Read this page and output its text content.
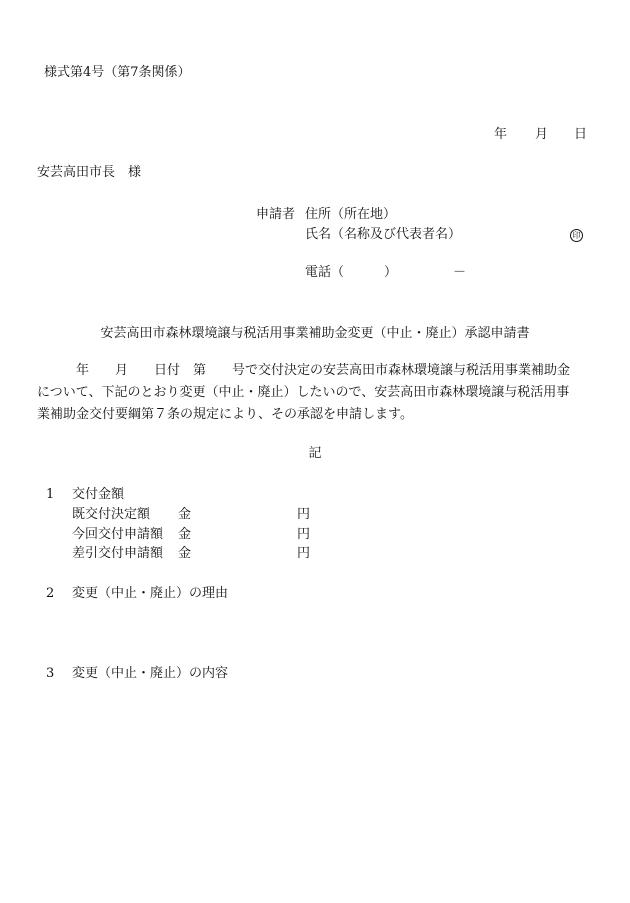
様式第4号（第7条関係）
年 月 日
安芸高田市長　様
申請者 住所（所在地）
氏名（名称及び代表者名）	印
電話（	）	－
安芸高田市森林環境譲与税活用事業補助金変更（中止・廃止）承認申請書
年　　月　　日付　第　　号で交付決定の安芸高田市森林環境譲与税活用事業補助金
について、下記のとおり変更（中止・廃止）したいので、安芸高田市森林環境譲与税活用事
業補助金交付要綱第７条の規定により、その承認を申請します。
記
1 交付金額
既交付決定額 金	円
今回交付申請額 金	円
差引交付申請額 金	円
2 変更（中止・廃止）の理由
3 変更（中止・廃止）の内容
